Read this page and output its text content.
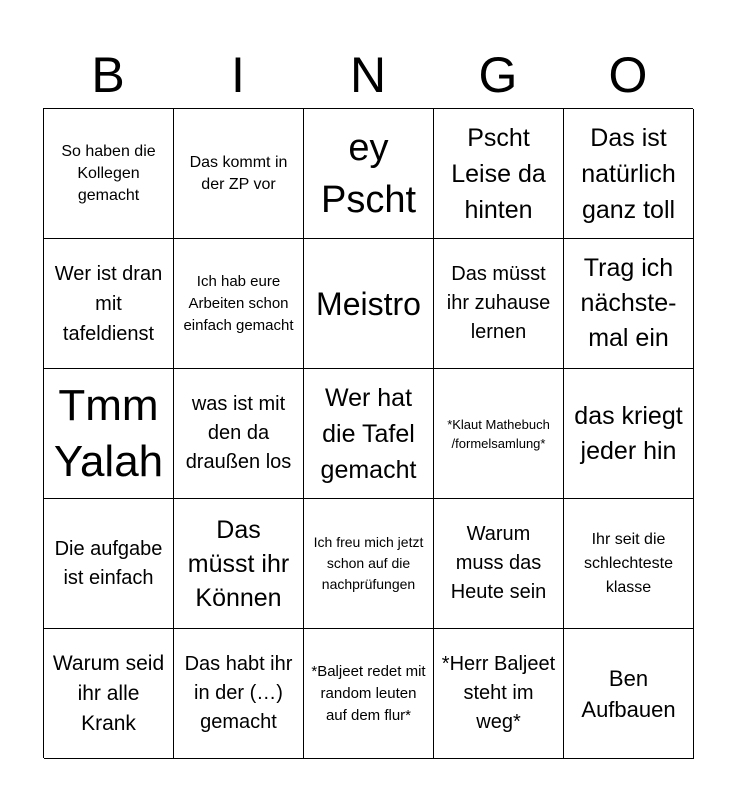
B	I	N	G	O
So haben die Kollegen gemacht
Das kommt in der ZP vor
ey Pscht
Pscht Leise da hinten
Das ist natürlich ganz toll
Wer ist dran mit tafeldienst
Ich hab eure Arbeiten schon einfach gemacht
Meistro
Das müsst ihr zuhause lernen
Trag ich nächste-mal ein
Tmm Yalah
was ist mit den da draußen los
Wer hat die Tafel gemacht
*Klaut Mathebuch /formelsamlung*
das kriegt jeder hin
Die aufgabe ist einfach
Das müsst ihr Können
Ich freu mich jetzt schon auf die nachprüfungen
Warum muss das Heute sein
Ihr seit die schlechteste klasse
Warum seid ihr alle Krank
Das habt ihr in der (…) gemacht
*Baljeet redet mit random leuten auf dem flur*
*Herr Baljeet steht im weg*
Ben Aufbauen
